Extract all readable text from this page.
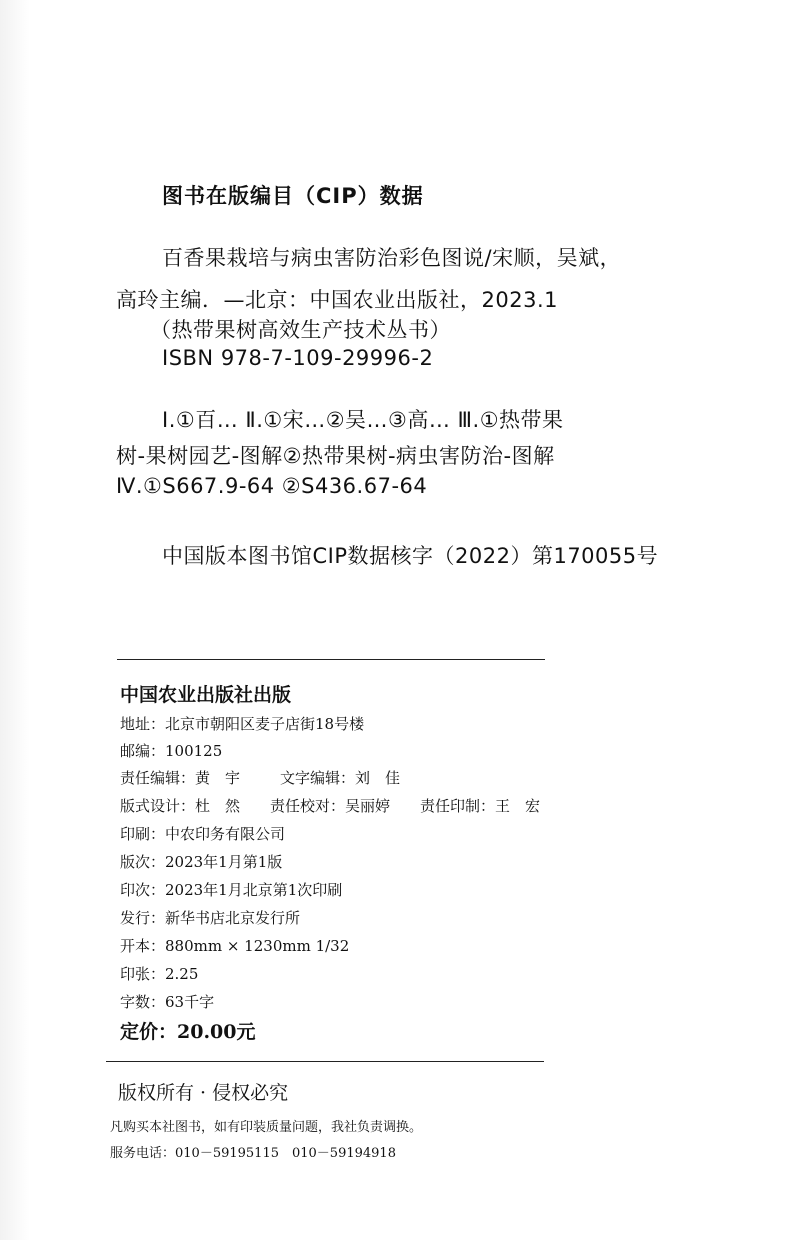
图书在版编目（CIP）数据
百香果栽培与病虫害防治彩色图说/宋顺，吴斌，
高玲主编．—北京：中国农业出版社，2023.1
（热带果树高效生产技术丛书）
ISBN 978-7-109-29996-2
Ⅰ.①百… Ⅱ.①宋…②吴…③高… Ⅲ.①热带果
树-果树园艺-图解②热带果树-病虫害防治-图解
Ⅳ.①S667.9-64 ②S436.67-64
中国版本图书馆CIP数据核字（2022）第170055号
中国农业出版社出版
地址：北京市朝阳区麦子店街18号楼
邮编：100125
责任编辑：黄　宇	文字编辑：刘　佳
版式设计：杜　然 责任校对：吴丽婷 责任印制：王　宏
印刷：中农印务有限公司
版次：2023年1月第1版
印次：2023年1月北京第1次印刷
发行：新华书店北京发行所
开本：880mm × 1230mm 1/32
印张：2.25
字数：63千字
定价：20.00元
版权所有 · 侵权必究
凡购买本社图书，如有印装质量问题，我社负责调换。
服务电话：010－59195115　010－59194918
